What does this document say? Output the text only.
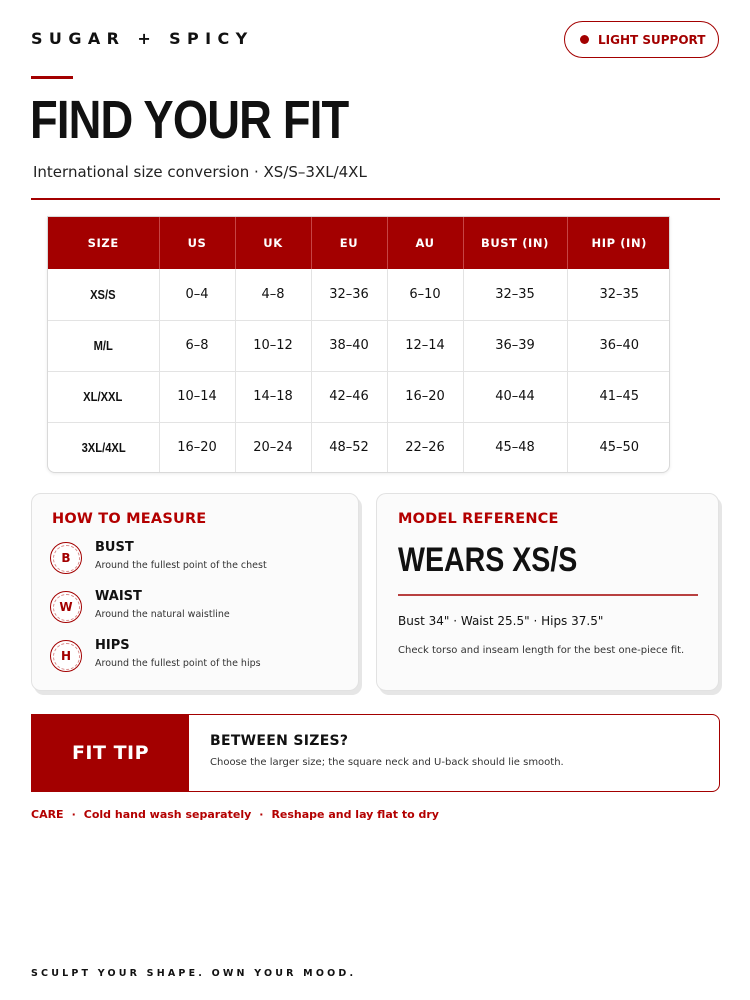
SUGAR + SPICY	LIGHT SUPPORT
FIND YOUR FIT
International size conversion · XS/S–3XL/4XL
SIZE	US	UK	EU	AU	BUST (IN)	HIP (IN)
XS/S	0–4	4–8	32–36	6–10	32–35	32–35
M/L	6–8	10–12	38–40	12–14	36–39	36–40
XL/XXL	10–14	14–18	42–46	16–20	40–44	41–45
3XL/4XL	16–20	20–24	48–52	22–26	45–48	45–50
HOW TO MEASURE
B
BUST
Around the fullest point of the chest
W
WAIST
Around the natural waistline
H
HIPS
Around the fullest point of the hips
MODEL REFERENCE
WEARS XS/S
Bust 34" · Waist 25.5" · Hips 37.5"
Check torso and inseam length for the best one-piece fit.
FIT TIP
BETWEEN SIZES?
Choose the larger size; the square neck and U-back should lie smooth.
CARE · Cold hand wash separately · Reshape and lay flat to dry
SCULPT YOUR SHAPE. OWN YOUR MOOD.
